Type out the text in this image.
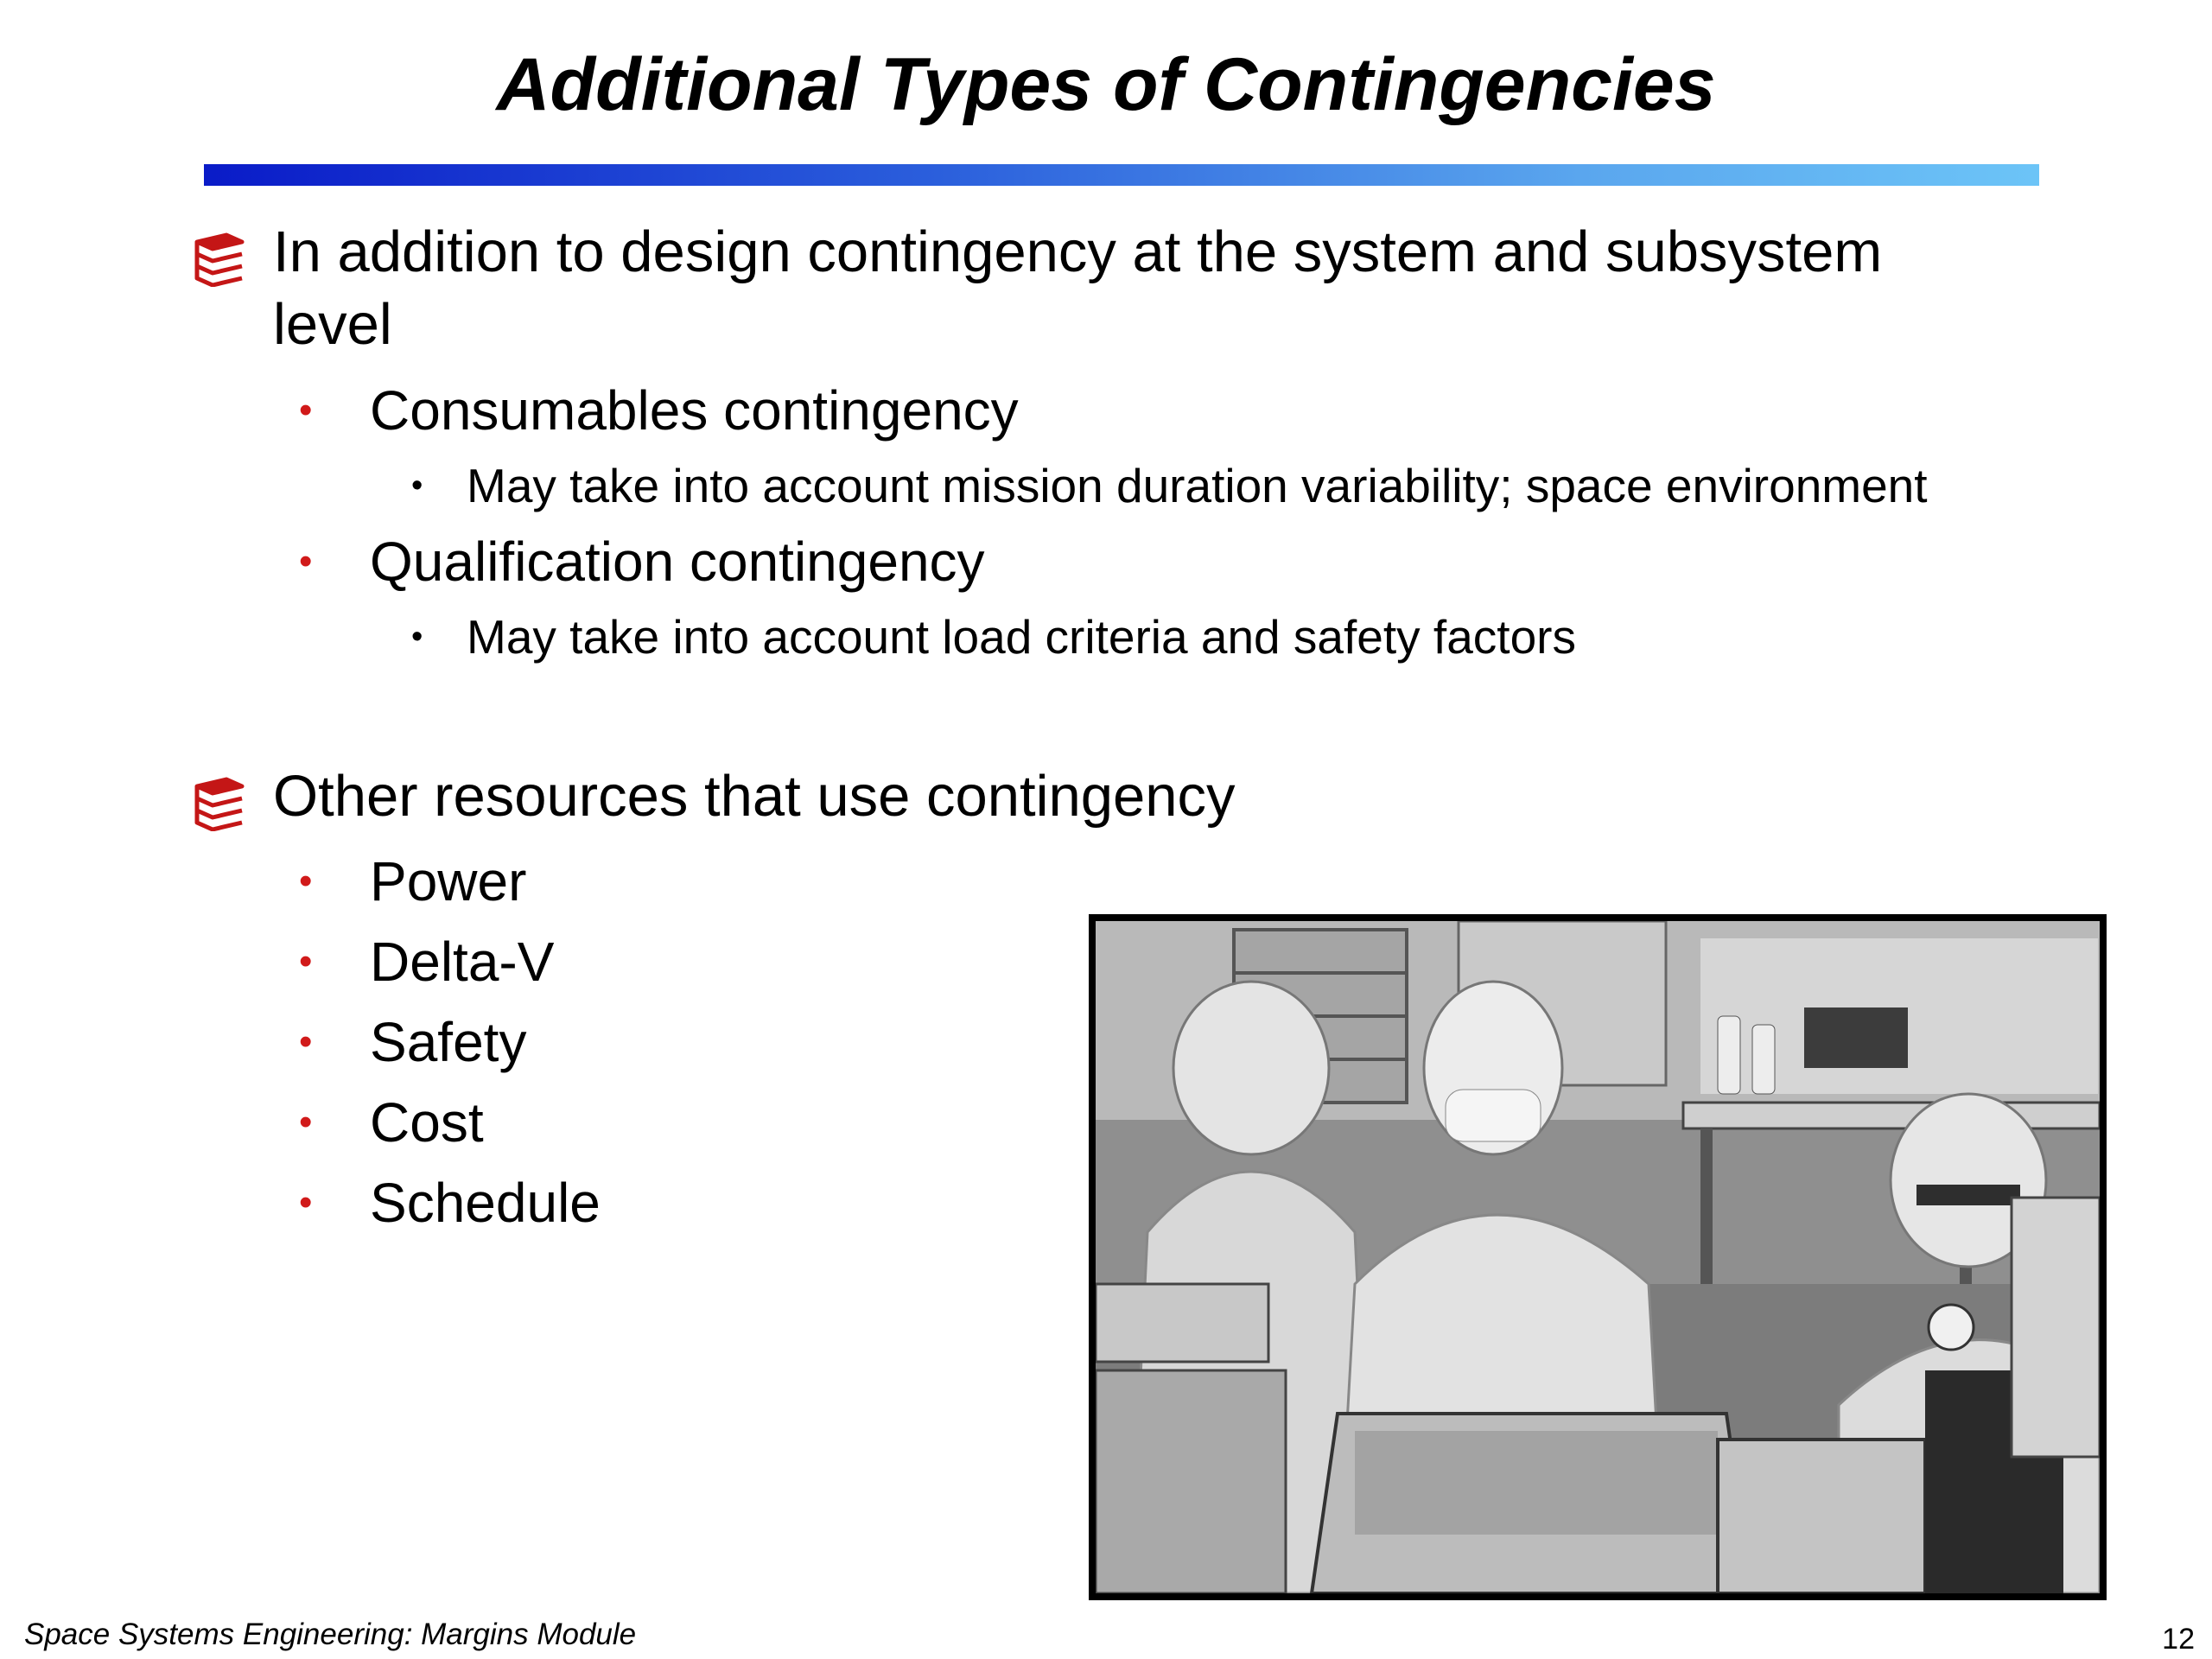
Additional Types of Contingencies
In addition to design contingency at the system and subsystem
level
• Consumables contingency
• May take into account mission duration variability; space environment
• Qualification contingency
• May take into account load criteria and safety factors
Other resources that use contingency
• Power
• Delta-V
• Safety
• Cost
• Schedule
Space Systems Engineering: Margins Module	12
